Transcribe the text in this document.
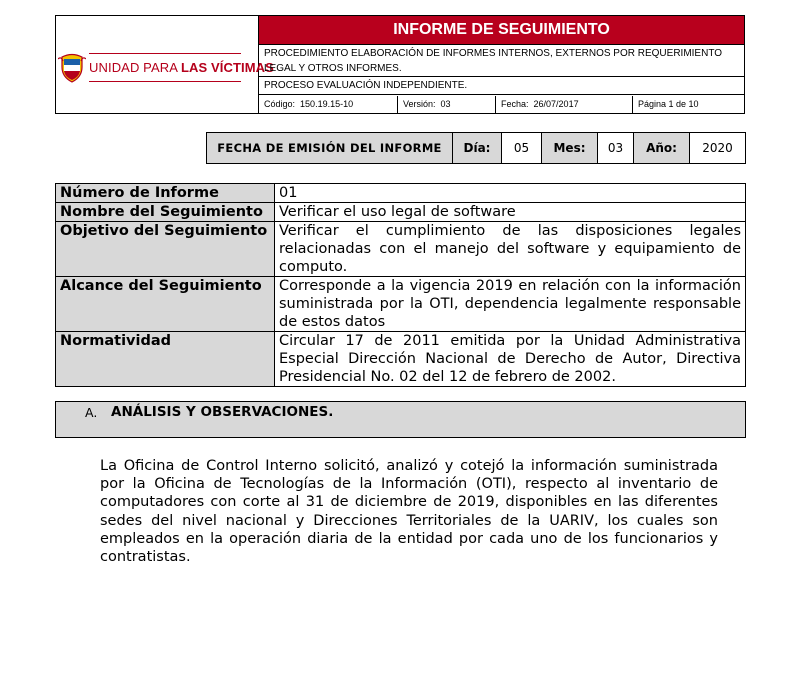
UNIDAD PARA LAS VÍCTIMAS
INFORME DE SEGUIMIENTO
PROCEDIMIENTO ELABORACIÓN DE INFORMES INTERNOS, EXTERNOS POR REQUERIMIENTO LEGAL Y OTROS INFORMES.
PROCESO EVALUACIÓN INDEPENDIENTE.
Código: 150.19.15-10	Versión: 03	Fecha: 26/07/2017	Página 1 de 10
FECHA DE EMISIÓN DEL INFORME	Día:	05	Mes:	03	Año:	2020
Número de Informe	01
Nombre del Seguimiento	Verificar el uso legal de software
Objetivo del Seguimiento	Verificar el cumplimiento de las disposiciones legales relacionadas con el manejo del software y equipamiento de computo.
Alcance del Seguimiento	Corresponde a la vigencia 2019 en relación con la información suministrada por la OTI, dependencia legalmente responsable de estos datos
Normatividad	Circular 17 de 2011 emitida por la Unidad Administrativa Especial Dirección Nacional de Derecho de Autor, Directiva Presidencial No. 02 del 12 de febrero de 2002.
A. ANÁLISIS Y OBSERVACIONES.
La Oficina de Control Interno solicitó, analizó y cotejó la información suministrada por la Oficina de Tecnologías de la Información (OTI), respecto al inventario de computadores con corte al 31 de diciembre de 2019, disponibles en las diferentes sedes del nivel nacional y Direcciones Territoriales de la UARIV, los cuales son empleados en la operación diaria de la entidad por cada uno de los funcionarios y contratistas.
